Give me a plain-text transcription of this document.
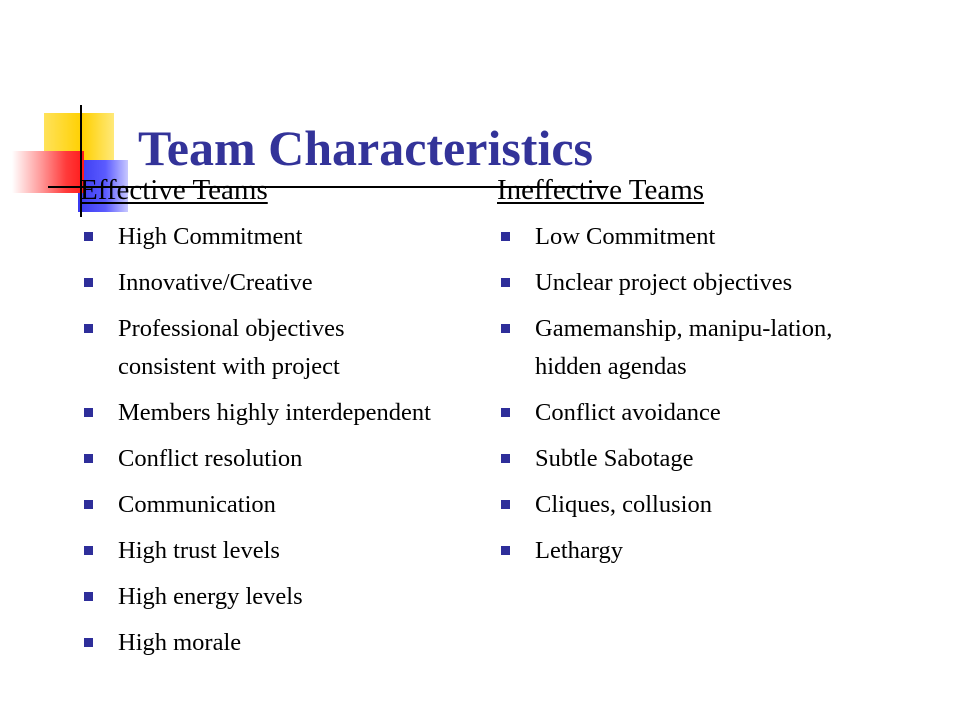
Team Characteristics
Effective Teams
High Commitment
Innovative/Creative
Professional objectives consistent with project
Members highly interdependent
Conflict resolution
Communication
High trust levels
High energy levels
High morale
Ineffective Teams
Low Commitment
Unclear project objectives
Gamemanship, manipu-lation, hidden agendas
Conflict avoidance
Subtle Sabotage
Cliques, collusion
Lethargy
